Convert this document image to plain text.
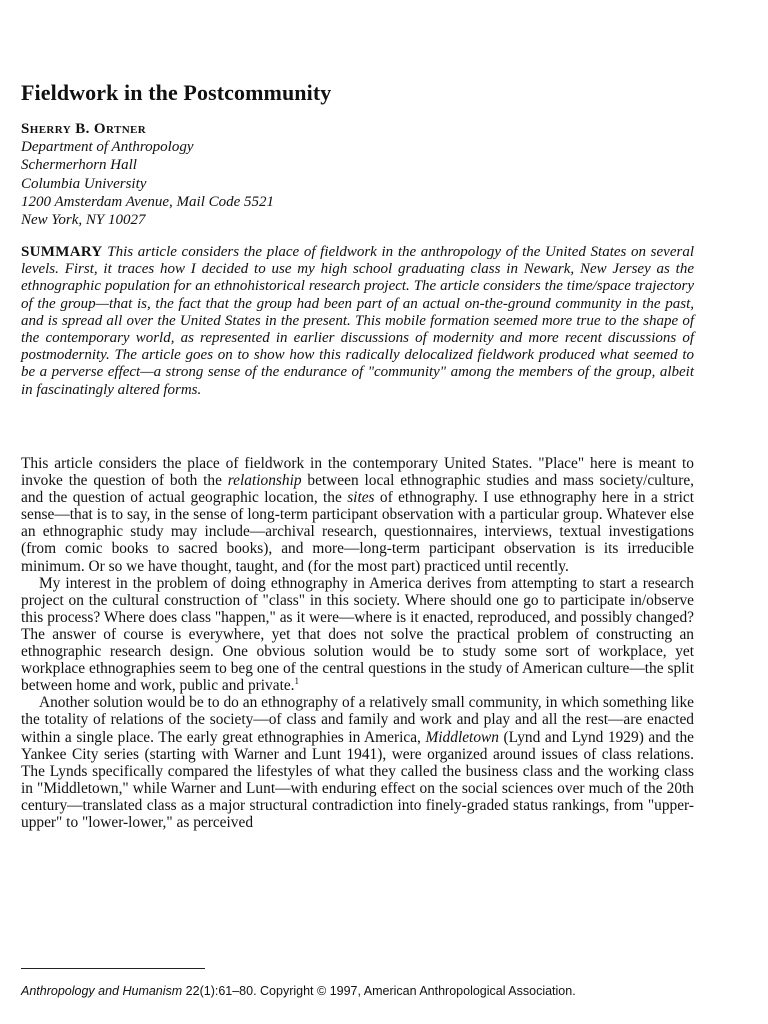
Fieldwork in the Postcommunity
Sherry B. Ortner
Department of Anthropology
Schermerhorn Hall
Columbia University
1200 Amsterdam Avenue, Mail Code 5521
New York, NY 10027

SUMMARY This article considers the place of fieldwork in the anthropology of the United States on several levels. First, it traces how I decided to use my high school graduating class in Newark, New Jersey as the ethnographic population for an ethnohistorical research project. The article considers the time/space trajectory of the group—that is, the fact that the group had been part of an actual on-the-ground community in the past, and is spread all over the United States in the present. This mobile formation seemed more true to the shape of the contemporary world, as represented in earlier discussions of modernity and more recent discussions of postmodernity. The article goes on to show how this radically delocalized fieldwork produced what seemed to be a perverse effect—a strong sense of the endurance of "community" among the members of the group, albeit in fascinatingly altered forms.

This article considers the place of fieldwork in the contemporary United States. "Place" here is meant to invoke the question of both the relationship between local ethnographic studies and mass society/culture, and the question of actual geographic location, the sites of ethnography. I use ethnography here in a strict sense—that is to say, in the sense of long-term participant observation with a particular group. Whatever else an ethnographic study may include—archival research, questionnaires, interviews, textual investigations (from comic books to sacred books), and more—long-term participant observation is its irreducible minimum. Or so we have thought, taught, and (for the most part) practiced until recently.

My interest in the problem of doing ethnography in America derives from attempting to start a research project on the cultural construction of "class" in this society. Where should one go to participate in/observe this process? Where does class "happen," as it were—where is it enacted, reproduced, and possibly changed? The answer of course is everywhere, yet that does not solve the practical problem of constructing an ethnographic research design. One obvious solution would be to study some sort of workplace, yet workplace ethnographies seem to beg one of the central questions in the study of American culture—the split between home and work, public and private.$^1$

Another solution would be to do an ethnography of a relatively small community, in which something like the totality of relations of the society—of class and family and work and play and all the rest—are enacted within a single place. The early great ethnographies in America, Middletown (Lynd and Lynd 1929) and the Yankee City series (starting with Warner and Lunt 1941), were organized around issues of class relations. The Lynds specifically compared the lifestyles of what they called the business class and the working class in "Middletown," while Warner and Lunt—with enduring effect on the social sciences over much of the 20th century—translated class as a major structural contradiction into finely-graded status rankings, from "upper-upper" to "lower-lower," as perceived

Anthropology and Humanism 22(1):61–80. Copyright © 1997, American Anthropological Association.
